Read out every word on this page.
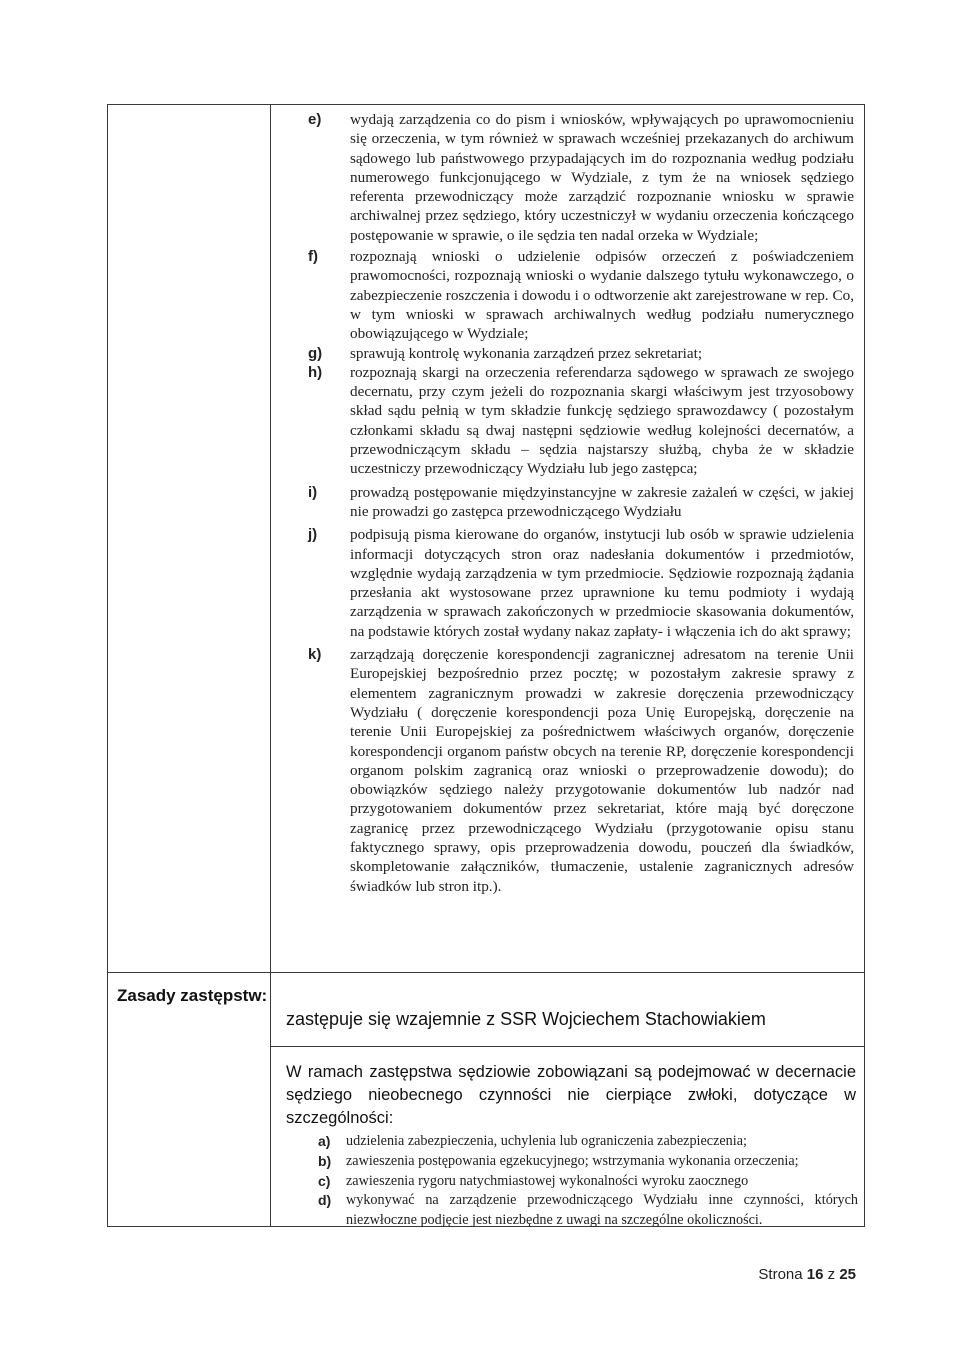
e) wydają zarządzenia co do pism i wniosków, wpływających po uprawomocnieniu się orzeczenia, w tym również w sprawach wcześniej przekazanych do archiwum sądowego lub państwowego przypadających im do rozpoznania według podziału numerowego funkcjonującego w Wydziale, z tym że na wniosek sędziego referenta przewodniczący może zarządzić rozpoznanie wniosku w sprawie archiwalnej przez sędziego, który uczestniczył w wydaniu orzeczenia kończącego postępowanie w sprawie, o ile sędzia ten nadal orzeka w Wydziale;
f) rozpoznają wnioski o udzielenie odpisów orzeczeń z poświadczeniem prawomocności, rozpoznają wnioski o wydanie dalszego tytułu wykonawczego, o zabezpieczenie roszczenia i dowodu i o odtworzenie akt zarejestrowane w rep. Co, w tym wnioski w sprawach archiwalnych według podziału numerycznego obowiązującego w Wydziale;
g) sprawują kontrolę wykonania zarządzeń przez sekretariat;
h) rozpoznają skargi na orzeczenia referendarza sądowego w sprawach ze swojego decernatu, przy czym jeżeli do rozpoznania skargi właściwym jest trzyosobowy skład sądu pełnią w tym składzie funkcję sędziego sprawozdawcy ( pozostałym członkami składu są dwaj następni sędziowie według kolejności decernatów, a przewodniczącym składu – sędzia najstarszy służbą, chyba że w składzie uczestniczy przewodniczący Wydziału lub jego zastępca;
i) prowadzą postępowanie międzyinstancyjne w zakresie zażaleń w części, w jakiej nie prowadzi go zastępca przewodniczącego Wydziału
j) podpisują pisma kierowane do organów, instytucji lub osób w sprawie udzielenia informacji dotyczących stron oraz nadesłania dokumentów i przedmiotów, względnie wydają zarządzenia w tym przedmiocie. Sędziowie rozpoznają żądania przesłania akt wystosowane przez uprawnione ku temu podmioty i wydają zarządzenia w sprawach zakończonych w przedmiocie skasowania dokumentów, na podstawie których został wydany nakaz zapłaty- i włączenia ich do akt sprawy;
k) zarządzają doręczenie korespondencji zagranicznej adresatom na terenie Unii Europejskiej bezpośrednio przez pocztę; w pozostałym zakresie sprawy z elementem zagranicznym prowadzi w zakresie doręczenia przewodniczący Wydziału ( doręczenie korespondencji poza Unię Europejską, doręczenie na terenie Unii Europejskiej za pośrednictwem właściwych organów, doręczenie korespondencji organom państw obcych na terenie RP, doręczenie korespondencji organom polskim zagranicą oraz wnioski o przeprowadzenie dowodu); do obowiązków sędziego należy przygotowanie dokumentów lub nadzór nad przygotowaniem dokumentów przez sekretariat, które mają być doręczone zagranicę przez przewodniczącego Wydziału (przygotowanie opisu stanu faktycznego sprawy, opis przeprowadzenia dowodu, pouczeń dla świadków, skompletowanie załączników, tłumaczenie, ustalenie zagranicznych adresów świadków lub stron itp.).
Zasady zastępstw:
zastępuje się wzajemnie z SSR Wojciechem Stachowiakiem
W ramach zastępstwa sędziowie zobowiązani są podejmować w decernacie sędziego nieobecnego czynności nie cierpiące zwłoki, dotyczące w szczególności:
a) udzielenia zabezpieczenia, uchylenia lub ograniczenia zabezpieczenia;
b) zawieszenia postępowania egzekucyjnego; wstrzymania wykonania orzeczenia;
c) zawieszenia rygoru natychmiastowej wykonalności wyroku zaocznego
d) wykonywać na zarządzenie przewodniczącego Wydziału inne czynności, których niezwłoczne podjęcie jest niezbędne z uwagi na szczególne okoliczności.
Strona 16 z 25
